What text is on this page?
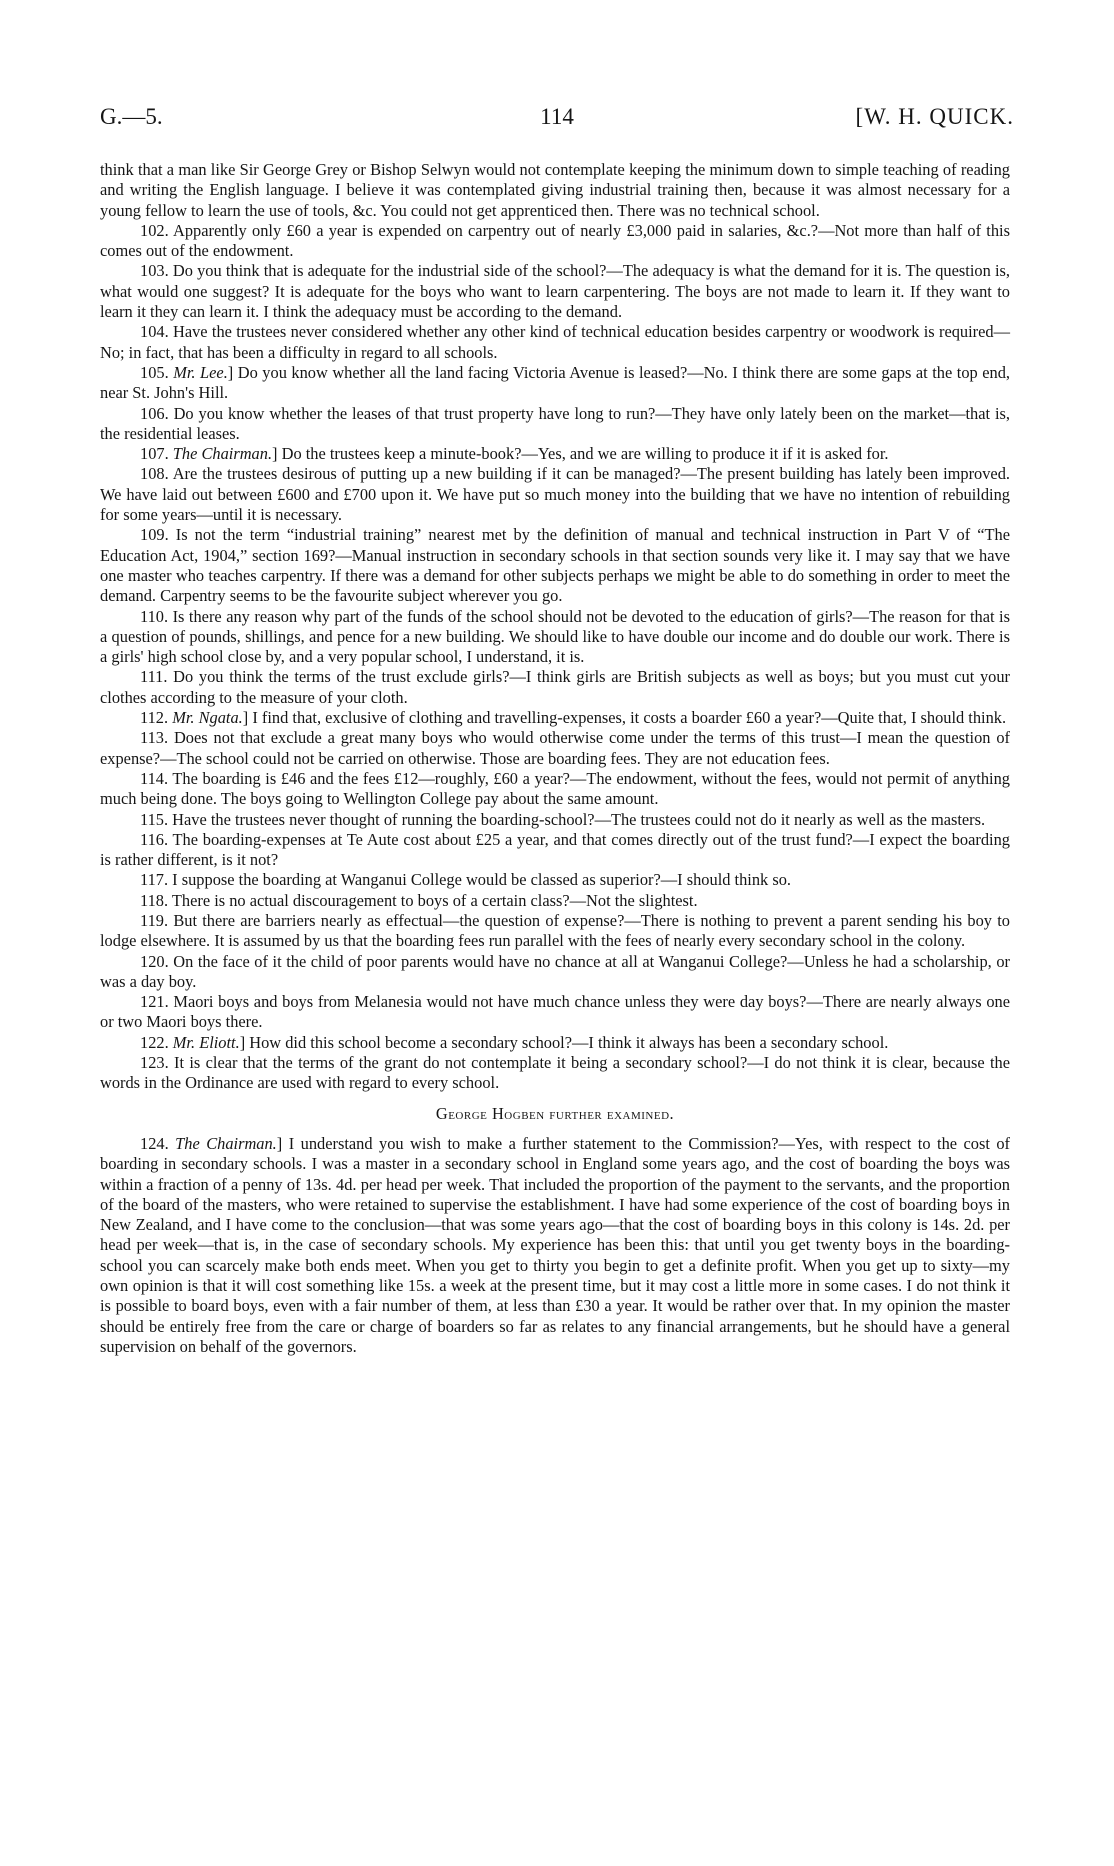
G.—5.	114	[W. H. QUICK.

think that a man like Sir George Grey or Bishop Selwyn would not contemplate keeping the minimum down to simple teaching of reading and writing the English language. I believe it was contemplated giving industrial training then, because it was almost necessary for a young fellow to learn the use of tools, &c. You could not get apprenticed then. There was no technical school.

102. Apparently only £60 a year is expended on carpentry out of nearly £3,000 paid in salaries, &c.?—Not more than half of this comes out of the endowment.

103. Do you think that is adequate for the industrial side of the school?—The adequacy is what the demand for it is. The question is, what would one suggest? It is adequate for the boys who want to learn carpentering. The boys are not made to learn it. If they want to learn it they can learn it. I think the adequacy must be according to the demand.

104. Have the trustees never considered whether any other kind of technical education besides carpentry or woodwork is required—No; in fact, that has been a difficulty in regard to all schools.

105. Mr. Lee.] Do you know whether all the land facing Victoria Avenue is leased?—No. I think there are some gaps at the top end, near St. John's Hill.

106. Do you know whether the leases of that trust property have long to run?—They have only lately been on the market—that is, the residential leases.

107. The Chairman.] Do the trustees keep a minute-book?—Yes, and we are willing to produce it if it is asked for.

108. Are the trustees desirous of putting up a new building if it can be managed?—The present building has lately been improved. We have laid out between £600 and £700 upon it. We have put so much money into the building that we have no intention of rebuilding for some years—until it is necessary.

109. Is not the term “industrial training” nearest met by the definition of manual and technical instruction in Part V of “The Education Act, 1904,” section 169?—Manual instruction in secondary schools in that section sounds very like it. I may say that we have one master who teaches carpentry. If there was a demand for other subjects perhaps we might be able to do something in order to meet the demand. Carpentry seems to be the favourite subject wherever you go.

110. Is there any reason why part of the funds of the school should not be devoted to the education of girls?—The reason for that is a question of pounds, shillings, and pence for a new building. We should like to have double our income and do double our work. There is a girls' high school close by, and a very popular school, I understand, it is.

111. Do you think the terms of the trust exclude girls?—I think girls are British subjects as well as boys; but you must cut your clothes according to the measure of your cloth.

112. Mr. Ngata.] I find that, exclusive of clothing and travelling-expenses, it costs a boarder £60 a year?—Quite that, I should think.

113. Does not that exclude a great many boys who would otherwise come under the terms of this trust—I mean the question of expense?—The school could not be carried on otherwise. Those are boarding fees. They are not education fees.

114. The boarding is £46 and the fees £12—roughly, £60 a year?—The endowment, without the fees, would not permit of anything much being done. The boys going to Wellington College pay about the same amount.

115. Have the trustees never thought of running the boarding-school?—The trustees could not do it nearly as well as the masters.

116. The boarding-expenses at Te Aute cost about £25 a year, and that comes directly out of the trust fund?—I expect the boarding is rather different, is it not?

117. I suppose the boarding at Wanganui College would be classed as superior?—I should think so.

118. There is no actual discouragement to boys of a certain class?—Not the slightest.

119. But there are barriers nearly as effectual—the question of expense?—There is nothing to prevent a parent sending his boy to lodge elsewhere. It is assumed by us that the boarding fees run parallel with the fees of nearly every secondary school in the colony.

120. On the face of it the child of poor parents would have no chance at all at Wanganui College?—Unless he had a scholarship, or was a day boy.

121. Maori boys and boys from Melanesia would not have much chance unless they were day boys?—There are nearly always one or two Maori boys there.

122. Mr. Eliott.] How did this school become a secondary school?—I think it always has been a secondary school.

123. It is clear that the terms of the grant do not contemplate it being a secondary school?—I do not think it is clear, because the words in the Ordinance are used with regard to every school.

George Hogben further examined.

124. The Chairman.] I understand you wish to make a further statement to the Commission?—Yes, with respect to the cost of boarding in secondary schools. I was a master in a secondary school in England some years ago, and the cost of boarding the boys was within a fraction of a penny of 13s. 4d. per head per week. That included the proportion of the payment to the servants, and the proportion of the board of the masters, who were retained to supervise the establishment. I have had some experience of the cost of boarding boys in New Zealand, and I have come to the conclusion—that was some years ago—that the cost of boarding boys in this colony is 14s. 2d. per head per week—that is, in the case of secondary schools. My experience has been this: that until you get twenty boys in the boarding-school you can scarcely make both ends meet. When you get to thirty you begin to get a definite profit. When you get up to sixty—my own opinion is that it will cost something like 15s. a week at the present time, but it may cost a little more in some cases. I do not think it is possible to board boys, even with a fair number of them, at less than £30 a year. It would be rather over that. In my opinion the master should be entirely free from the care or charge of boarders so far as relates to any financial arrangements, but he should have a general supervision on behalf of the governors.
